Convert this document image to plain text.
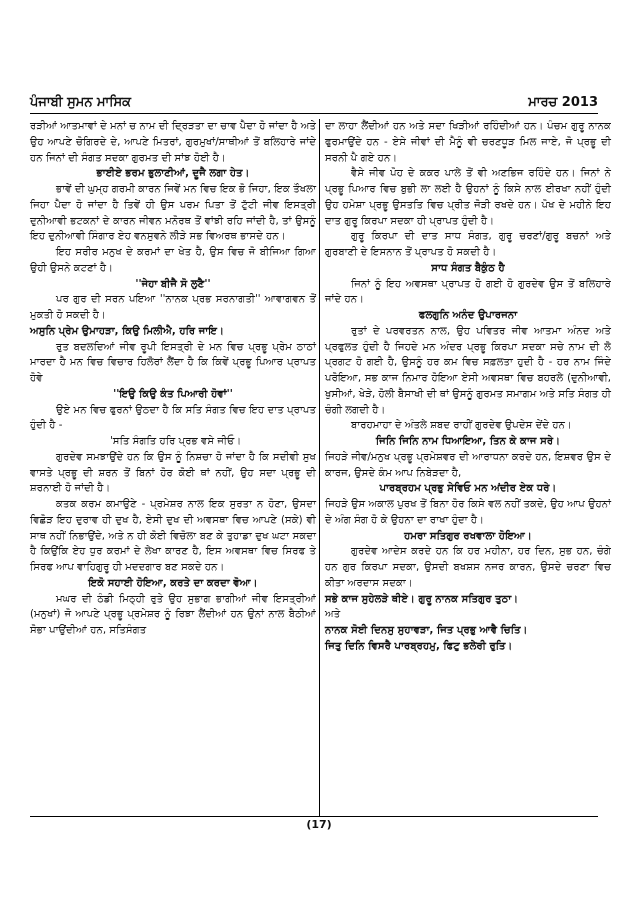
ਪੰਜਾਬੀ ਸੁਮਨ ਮਾਸਿਕ	ਮਾਰਚ 2013

ਰੜੀਆਂ ਆਤਮਾਵਾਂ ਦੇ ਮਨਾਂ ਚ ਨਾਮ ਦੀ ਦ੍ਰਿੜਤਾ ਦਾ ਚਾਵ ਪੈਦਾ ਹੋ ਜਾਂਦਾ ਹੈ ਅਤੇ ਉਹ ਆਪਣੇ ਚੋਗਿਰਦੇ ਦੇ, ਆਪਣੇ ਮਿਤਰਾਂ, ਗੁਰਮੁਖਾਂ/ਸਾਥੀਆਂ ਤੋਂ ਬਲਿਹਾਰੇ ਜਾਂਦੇ ਹਨ ਜਿਨਾਂ ਦੀ ਸੰਗਤ ਸਦਕਾ ਗੁਰਮਤ ਦੀ ਸਾਂਝ ਹੋਈ ਹੈ।

ਭਾਈਏ ਭਰਮ ਭੁਲਾਣੀਆਂ, ਦੂਜੈ ਲਗਾ ਹੇਤ।

ਭਾਵੇਂ ਦੀ ਘੁਮ੍ਹ ਗਰਮੀ ਕਾਰਨ ਜਿਵੇਂ ਮਨ ਵਿਚ ਇਕ ਭੋ ਜਿਹਾ, ਇਕ ਤੌਖਲਾ ਜਿਹਾ ਪੈਦਾ ਹੋ ਜਾਂਦਾ ਹੈ ਤਿਵੇਂ ਹੀ ਉਸ ਪਰਮ ਪਿਤਾ ਤੋਂ ਟੁੱਟੀ ਜੀਵ ਇਸਤ੍ਰੀ ਦੁਨੀਆਵੀ ਭਟਕਨਾਂ ਦੇ ਕਾਰਨ ਜੀਵਨ ਮਨੋਰਥ ਤੋਂ ਵਾਂਝੀ ਰਹਿ ਜਾਂਦੀ ਹੈ, ਤਾਂ ਉਸਨੂੰ ਇਹ ਦੁਨੀਆਵੀ ਸਿੰਗਾਰ ਏਹ ਵਨਸੁਵਨੇ ਲੀੜੇ ਸਭ ਵਿਅਰਥ ਭਾਸਦੇ ਹਨ।

ਇਹ ਸਰੀਰ ਮਨੁਖ ਦੇ ਕਰਮਾਂ ਦਾ ਖੇਤ ਹੈ, ਉਸ ਵਿਚ ਜੋ ਬੀਜਿਆ ਗਿਆ ਉਹੀ ਉਸਨੇ ਕਟਣਾਂ ਹੈ।

''ਜੇਹਾ ਬੀਜੈ ਸੋ ਲੁਣੈ''

ਪਰ ਗੁਰ ਦੀ ਸਰਨ ਪਇਆ ''ਨਾਨਕ ਪ੍ਰਭ ਸਰਨਾਗਤੀ'' ਆਵਾਗਵਨ ਤੋਂ ਮੁਕਤੀ ਹੋ ਸਕਦੀ ਹੈ।

ਅਸੁਨਿ ਪ੍ਰੇਮ ਉਮਾਹੜਾ, ਕਿਉ ਮਿਲੀਐ, ਹਰਿ ਜਾਇ।

ਰੁਤ ਬਦਲਦਿਆਂ ਜੀਵ ਰੂਪੀ ਇਸਤ੍ਰੀ ਦੇ ਮਨ ਵਿਚ ਪ੍ਰਭੂ ਪ੍ਰੇਮ ਠਾਠਾਂ ਮਾਰਦਾ ਹੈ ਮਨ ਵਿਚ ਵਿਚਾਰ ਹਿਲੋਰਾਂ ਲੈਂਦਾ ਹੈ ਕਿ ਕਿਵੇਂ ਪ੍ਰਭੂ ਪਿਆਰ ਪ੍ਰਾਪਤ ਹੋਵੇ

''ਇਉ ਕਿਉ ਕੰਤ ਪਿਆਰੀ ਹੋਵਾਂ''

ਉਏ ਮਨ ਵਿਚ ਫੁਰਨਾਂ ਉਠਦਾ ਹੈ ਕਿ ਸਤਿ ਸੰਗਤ ਵਿਚ ਇਹ ਦਾਤ ਪ੍ਰਾਪਤ ਹੁੰਦੀ ਹੈ -

'ਸਤਿ ਸੰਗਤਿ ਹਰਿ ਪ੍ਰਭ ਵਸੇ ਜੀਓ।

ਗੁਰਦੇਵ ਸਮਝਾਉਂਦੇ ਹਨ ਕਿ ਉਸ ਨੂੰ ਨਿਸ਼ਚਾ ਹੋ ਜਾਂਦਾ ਹੈ ਕਿ ਸਦੀਵੀ ਸੁਖ ਵਾਸਤੇ ਪ੍ਰਭੂ ਦੀ ਸ਼ਰਨ ਤੋਂ ਬਿਨਾਂ ਹੋਰ ਕੋਈ ਥਾਂ ਨਹੀਂ, ਉਹ ਸਦਾ ਪ੍ਰਭੂ ਦੀ ਸ਼ਰਨਾਈ ਹੋ ਜਾਂਦੀ ਹੈ।

ਕਤਕ ਕਰਮ ਕਮਾਉਣੇ - ਪ੍ਰਮੇਸ਼ਰ ਨਾਲ ਇਕ ਸੁਰਤਾ ਨ ਹੋਣਾ, ਉਸਦਾ ਵਿਛੋੜ ਇਹ ਦੁਰਾਵ ਹੀ ਦੁਖ ਹੈ, ਏਸੀ ਦੁਖ ਦੀ ਅਵਸਥਾ ਵਿਚ ਆਪਣੇ (ਸਕੇ) ਵੀ ਸਾਥ ਨਹੀਂ ਨਿਭਾਉਂਦੇ, ਅਤੇ ਨ ਹੀ ਕੋਈ ਵਿਚੋਲਾ ਬਣ ਕੇ ਤੁਹਾਡਾ ਦੁਖ ਘਟਾ ਸਕਦਾ ਹੈ ਕਿਉਂਕਿ ਏਹ ਧੁਰ ਕਰਮਾਂ ਦੇ ਲੇਖਾ ਕਾਰਣ ਹੈ, ਇਸ ਅਵਸਥਾ ਵਿਚ ਸਿਰਫ ਤੇ ਸਿਰਫ ਆਪ ਵਾਹਿਗੁਰੂ ਹੀ ਮਦਦਗਾਰ ਬਣ ਸਕਦੇ ਹਨ।

ਇਕੋ ਸਹਾਈ ਹੋਇਆ, ਕਰਤੇ ਦਾ ਕਰਦਾ ਵੋਆ।

ਮਘਰ ਦੀ ਠੰਡੀ ਮਿਠ੍ਹੀ ਰੁਤੇ ਉਹ ਸੁਭਾਗ ਭਾਗੀਆਂ ਜੀਵ ਇਸਤ੍ਰੀਆਂ (ਮਨੁਖਾਂ) ਜੋ ਆਪਣੇ ਪ੍ਰਭੂ ਪ੍ਰਮੇਸ਼ਰ ਨੂੰ ਰਿਝਾ ਲੈਂਦੀਆਂ ਹਨ ਉਨਾਂ ਨਾਲ ਬੈਠੀਆਂ ਸੋਭਾ ਪਾਉਂਦੀਆਂ ਹਨ, ਸਤਿਸੰਗਤ

ਦਾ ਲਾਹਾ ਲੈਂਦੀਆਂ ਹਨ ਅਤੇ ਸਦਾ ਖਿੜੀਆਂ ਰਹਿੰਦੀਆਂ ਹਨ। ਪੰਚਮ ਗੁਰੂ ਨਾਨਕ ਫੁਰਮਾਉਂਦੇ ਹਨ - ਏਸੇ ਜੀਵਾਂ ਦੀ ਮੈਨੂੰ ਵੀ ਚਰਣਧੂੜ ਮਿਲ ਜਾਏ, ਜੋ ਪ੍ਰਭੂ ਦੀ ਸਰਨੀ ਪੈ ਗਏ ਹਨ।

ਵੈਸੇ ਜੀਵ ਪੋਹ ਦੇ ਕਕਰ ਪਾਲੇ ਤੋਂ ਵੀ ਅਣਭਿਜ ਰਹਿੰਦੇ ਹਨ। ਜਿਨਾਂ ਨੇ ਪ੍ਰਭੂ ਪਿਆਰ ਵਿਚ ਬੁਭੀ ਲਾ ਲਈ ਹੈ ਉਹਨਾਂ ਨੂੰ ਕਿਸੇ ਨਾਲ ਈਰਖਾ ਨਹੀਂ ਹੁੰਦੀ ਉਹ ਹਮੇਸ਼ਾ ਪ੍ਰਭੂ ਉਸਤਤਿ ਵਿਚ ਪ੍ਰੀਤ ਜੋੜੀ ਰਖਦੇ ਹਨ। ਪੋਖ ਦੇ ਮਹੀਨੇ ਇਹ ਦਾਤ ਗੁਰੂ ਕਿਰਪਾ ਸਦਕਾ ਹੀ ਪ੍ਰਾਪਤ ਹੁੰਦੀ ਹੈ।

ਗੁਰੂ ਕਿਰਪਾ ਦੀ ਦਾਤ ਸਾਧ ਸੰਗਤ, ਗੁਰੂ ਚਰਣਾਂ/ਗੁਰੂ ਬਚਨਾਂ ਅਤੇ ਗੁਰਬਾਣੀ ਦੇ ਇਸਨਾਨ ਤੋਂ ਪ੍ਰਾਪਤ ਹੋ ਸਕਦੀ ਹੈ।

ਸਾਧ ਸੰਗਤ ਬੈਕੁੰਠ ਹੈ

ਜਿਨਾਂ ਨੂੰ ਇਹ ਅਵਸਥਾ ਪ੍ਰਾਪਤ ਹੋ ਗਈ ਹੋ ਗੁਰਦੇਵ ਉਸ ਤੋਂ ਬਲਿਹਾਰੇ ਜਾਂਦੇ ਹਨ।

ਫਲਗੁਨਿ ਅਨੰਦ ਉਪਾਰਜਨਾ

ਰੁਤਾਂ ਦੇ ਪਰਵਰਤਨ ਨਾਲ, ਉਹ ਪਵਿਤਰ ਜੀਵ ਆਤਮਾ ਅੰਨਦ ਅਤੇ ਪ੍ਰਫੁਲਤ ਹੁੰਦੀ ਹੈ ਜਿਹਦੇ ਮਨ ਅੰਦਰ ਪ੍ਰਭੂ ਕਿਰਪਾ ਸਦਕਾ ਸਚੇ ਨਾਮ ਦੀ ਲੋ ਪ੍ਰਗਟ ਹੋ ਗਈ ਹੈ, ਉਸਨੂੰ ਹਰ ਕਮ ਵਿਚ ਸਫ਼ਲਤਾ ਹੁਦੀ ਹੈ - ਹਰ ਨਾਮ ਜਿੰਦੇ ਪਰੋਇਆ, ਸਭ ਕਾਜ ਨਿਮਾਰ ਹੋਇਆ ਏਸੀ ਅਵਸਥਾ ਵਿਚ ਬਹਰਲੇ (ਦੁਨੀਆਵੀ, ਖੁਸੀਆਂ, ਖੇੜੇ, ਹੋਲੀ ਬੈਸਾਖੀ ਦੀ ਥਾਂ ਉਸਨੂੰ ਗੁਰਮਤ ਸਮਾਗਮ ਅਤੇ ਸਤਿ ਸੰਗਤ ਹੀ ਚੰਗੀ ਲਗਦੀ ਹੈ।

ਬਾਰਹਮਾਹਾ ਦੇ ਅੰਤਲੇ ਸ਼ਬਦ ਰਾਹੀਂ ਗੁਰਦੇਵ ਉਪਦੇਸ ਦੇਂਦੇ ਹਨ।

ਜਿਨਿ ਜਿਨਿ ਨਾਮ ਧਿਆਇਆ, ਤਿਨ ਕੇ ਕਾਜ ਸਰੇ।

ਜਿਹੜੇ ਜੀਵ/ਮਨੁਖ ਪ੍ਰਭੂ ਪ੍ਰਮੇਸ਼ਵਰ ਦੀ ਆਰਾਧਨਾ ਕਰਦੇ ਹਨ, ਇਸ਼ਵਰ ਉਸ ਦੇ ਕਾਰਜ, ਉਸਦੇ ਕੰਮ ਆਪ ਨਿਬੇੜਦਾ ਹੈ,

ਪਾਰਬ੍ਰਹਮ ਪ੍ਰਭੁ ਸੇਵਿਓ ਮਨ ਅਂਦੀਰ ਏਕ ਧਰੇ।

ਜਿਹੜੇ ਉਸ ਅਕਾਲ ਪੁਰਖ ਤੋਂ ਬਿਨਾ ਹੋਰ ਕਿਸੇ ਵਲ ਨਹੀਂ ਤਕਦੇ, ਉਹ ਆਪ ਉਹਨਾਂ ਦੇ ਅੰਗ ਸੰਗ ਹੋ ਕੇ ਉਹਨਾ ਦਾ ਰਾਖਾ ਹੁੰਦਾ ਹੈ।

ਹਮਰਾ ਸਤਿਗੁਰ ਰਖਵਾਲਾ ਹੋਇਆ।

ਗੁਰਦੇਵ ਆਦੇਸ ਕਰਦੇ ਹਨ ਕਿ ਹਰ ਮਹੀਨਾ, ਹਰ ਦਿਨ, ਸੁਭ ਹਨ, ਚੰਗੇ ਹਨ ਗੁਰ ਕਿਰਪਾ ਸਦਕਾ, ਉਸਦੀ ਬਖਸ਼ਸ ਨਜਰ ਕਾਰਨ, ਉਸਦੇ ਚਰਣਾ ਵਿਚ ਕੀਤਾ ਅਰਦਾਸ ਸਦਕਾ।

ਸਭੇ ਕਾਜ ਸੁਹੇਲੜੇ ਥੀਏ। ਗੁਰੂ ਨਾਨਕ ਸਤਿਗੁਰ ਤੁਠਾ।

ਅਤੇ

ਨਾਨਕ ਸੋਈ ਦਿਨਸੁ ਸੁਹਾਵੜਾ, ਜਿਤ ਪ੍ਰਭੁ ਆਵੈ ਚਿਤਿ।

ਜਿਤੁ ਦਿਨਿ ਵਿਸਰੈ ਪਾਰਬ੍ਰਹਮੁ, ਫਿਟੁ ਭਲੇਰੀ ਰੁਤਿ।

(17)
